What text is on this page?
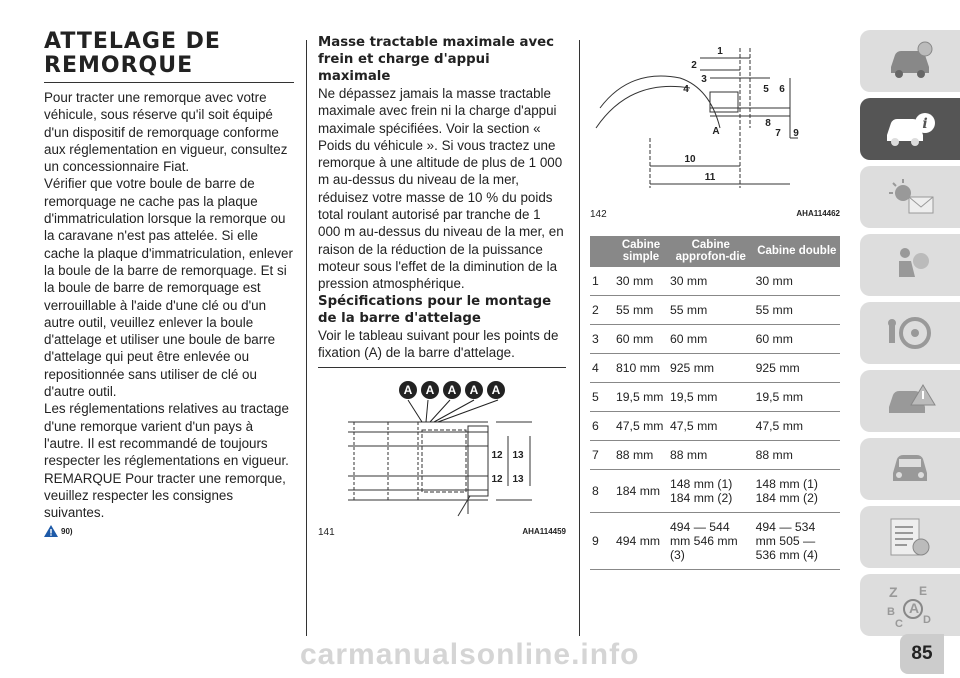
ATTELAGE DE
REMORQUE

Pour tracter une remorque avec votre véhicule, sous réserve qu'il soit équipé d'un dispositif de remorquage conforme aux réglementation en vigueur, consultez un concessionnaire Fiat.

Vérifier que votre boule de barre de remorquage ne cache pas la plaque d'immatriculation lorsque la remorque ou la caravane n'est pas attelée. Si elle cache la plaque d'immatriculation, enlever la boule de la barre de remorquage. Et si la boule de barre de remorquage est verrouillable à l'aide d'une clé ou d'un autre outil, veuillez enlever la boule d'attelage et utiliser une boule de barre d'attelage qui peut être enlevée ou repositionnée sans utiliser de clé ou d'autre outil.

Les réglementations relatives au tractage d'une remorque varient d'un pays à l'autre. Il est recommandé de toujours respecter les réglementations en vigueur.

REMARQUE Pour tracter une remorque, veuillez respecter les consignes suivantes.

90)

Masse tractable maximale avec frein et charge d'appui maximale

Ne dépassez jamais la masse tractable maximale avec frein ni la charge d'appui maximale spécifiées. Voir la section « Poids du véhicule ». Si vous tractez une remorque à une altitude de plus de 1 000 m au-dessus du niveau de la mer, réduisez votre masse de 10 % du poids total roulant autorisé par tranche de 1 000 m au-dessus du niveau de la mer, en raison de la réduction de la puissance moteur sous l'effet de la diminution de la pression atmosphérique.

Spécifications pour le montage de la barre d'attelage

Voir le tableau suivant pour les points de fixation (A) de la barre d'attelage.

A A A A A
12 13
12 13
141	AHA114459
1
2
3
4	5 6
7
8
9
10
11
A
142	AHA114462
	Cabine simple	Cabine approfon-die	Cabine double
1	30 mm	30 mm	30 mm
2	55 mm	55 mm	55 mm
3	60 mm	60 mm	60 mm
4	810 mm	925 mm	925 mm
5	19,5 mm	19,5 mm	19,5 mm
6	47,5 mm	47,5 mm	47,5 mm
7	88 mm	88 mm	88 mm
8	184 mm	148 mm (1) 184 mm (2)	148 mm (1) 184 mm (2)
9	494 mm	494 — 544 mm 546 mm (3)	494 — 534 mm 505 — 536 mm (4)
i
Z E
B A
C D
85
carmanualsonline.info
